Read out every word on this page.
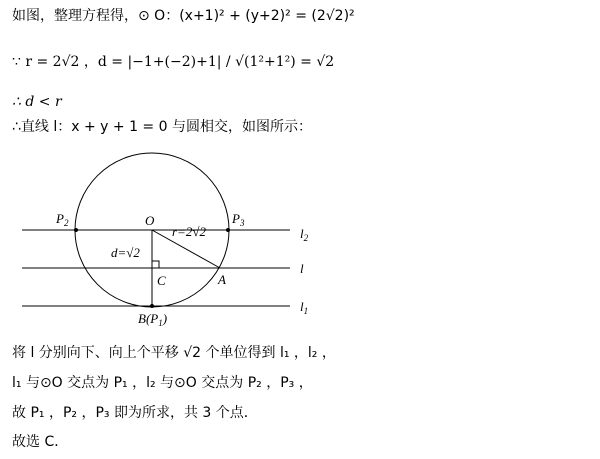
如图，整理方程得，⊙ O：(x+1)² + (y+2)² = (2√2)²
∵ r = 2√2 ，d = |−1+(−2)+1| / √(1²+1²) = √2
∴ d < r
∴直线 l：x + y + 1 = 0 与圆相交，如图所示：
O
$P_2$	$P_3$
r=2√2
d=√2
C	A
$B(P_1)$
$l_2$
l
$l_1$
将 l 分别向下、向上个平移 √2 个单位得到 l₁ ，l₂ ，
l₁ 与⊙O 交点为 P₁ ，l₂ 与⊙O 交点为 P₂ ，P₃ ，
故 P₁ ，P₂ ，P₃ 即为所求，共 3 个点．
故选 C．
